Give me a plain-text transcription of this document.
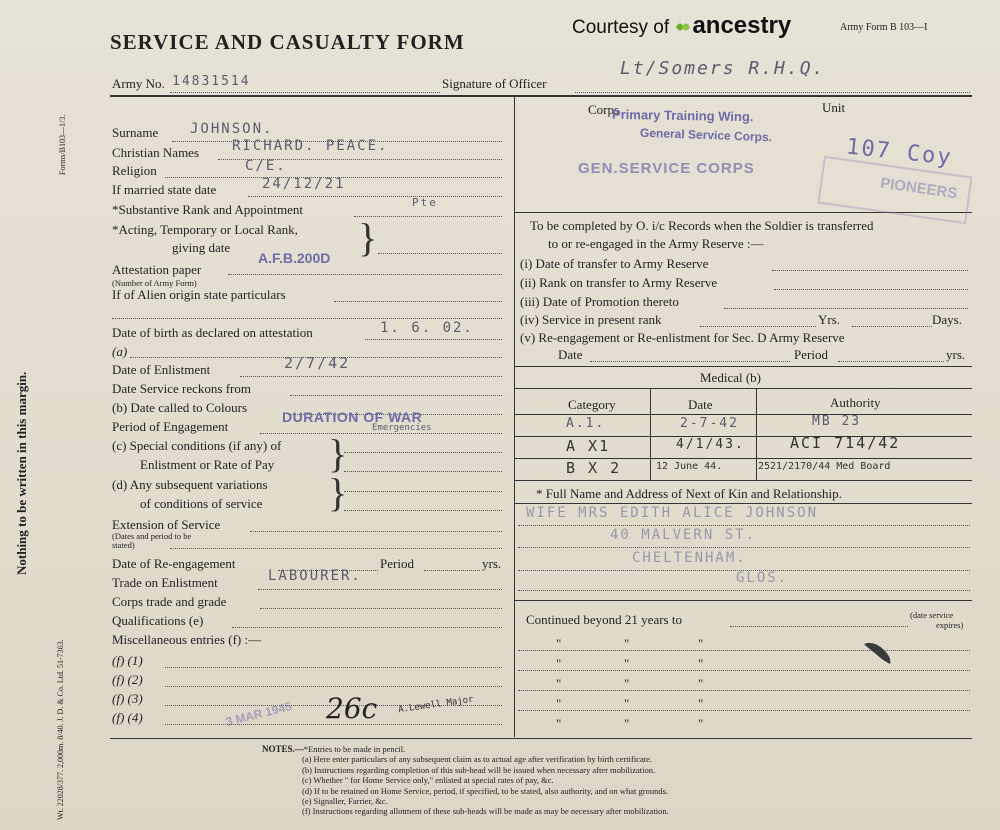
Nothing to be written in this margin.
Forms/B103—1/3.
Wt. 22028/377. 2,000m. 8/40. J. D. & Co. Ltd. 51-7363.
Courtesy of ancestry	Army Form B 103—I
SERVICE AND CASUALTY FORM
Army No. 14831514	Signature of Officer
Lt/Somers R.H.Q.
Surname JOHNSON.
Christian Names RICHARD. PEACE.
Religion	C/E.
If married state date	24/12/21
*Substantive Rank and Appointment	Pte
*Acting, Temporary or Local Rank,
giving date	}
Attestation paper
(Number of Army Form)
A.F.B.200D
If of Alien origin state particulars
Date of birth as declared on attestation	1. 6. 02.
(a)
Date of Enlistment	2/7/42
Date Service reckons from
(b) Date called to Colours
Period of Engagement
DURATION OF WAR
Emergencies
(c) Special conditions (if any) of
Enlistment or Rate of Pay }
(d) Any subsequent variations
of conditions of service }
Extension of Service
(Dates and period to be stated)
Date of Re-engagement	Period	yrs.
Trade on Enlistment	LABOURER.
Corps trade and grade
Qualifications (e)
Miscellaneous entries (f) :—
(f) (1)
(f) (2)
(f) (3)
(f) (4)	3 MAR 1945 26c A.Lewell Major
Corps	Unit
Primary Training Wing.
General Service Corps.
GEN.SERVICE CORPS	107 Coy
PIONEERS
To be completed by O. i/c Records when the Soldier is transferred
to or re-engaged in the Army Reserve :—
(i) Date of transfer to Army Reserve
(ii) Rank on transfer to Army Reserve
(iii) Date of Promotion thereto
(iv) Service in present rank	Yrs.	Days.
(v) Re-engagement or Re-enlistment for Sec. D Army Reserve
Date	Period	yrs.
Medical (b)
Category	Date	Authority
A.1.	2-7-42	MB 23
A X1	4/1/43.	ACI 714/42
B X 2	12 June 44.	2521/2170/44 Med Board
* Full Name and Address of Next of Kin and Relationship.
WIFE MRS EDITH ALICE JOHNSON
40 MALVERN ST.
CHELTENHAM.
GLOS.
Continued beyond 21 years to	(date service
expires)
"	"	"
"	"	"
"	"	"
"	"	"
"	"	"
NOTES.—*Entries to be made in pencil.
(a) Here enter particulars of any subsequent claim as to actual age after verification by birth certificate.
(b) Instructions regarding completion of this sub-head will be issued when necessary after mobilization.
(c) Whether " for Home Service only," enlisted at special rates of pay, &c.
(d) If to be retained on Home Service, period, if specified, to be stated, also authority, and on what grounds.
(e) Signaller, Farrier, &c.
(f) Instructions regarding allotment of these sub-heads will be made as may be necessary after mobilization.
